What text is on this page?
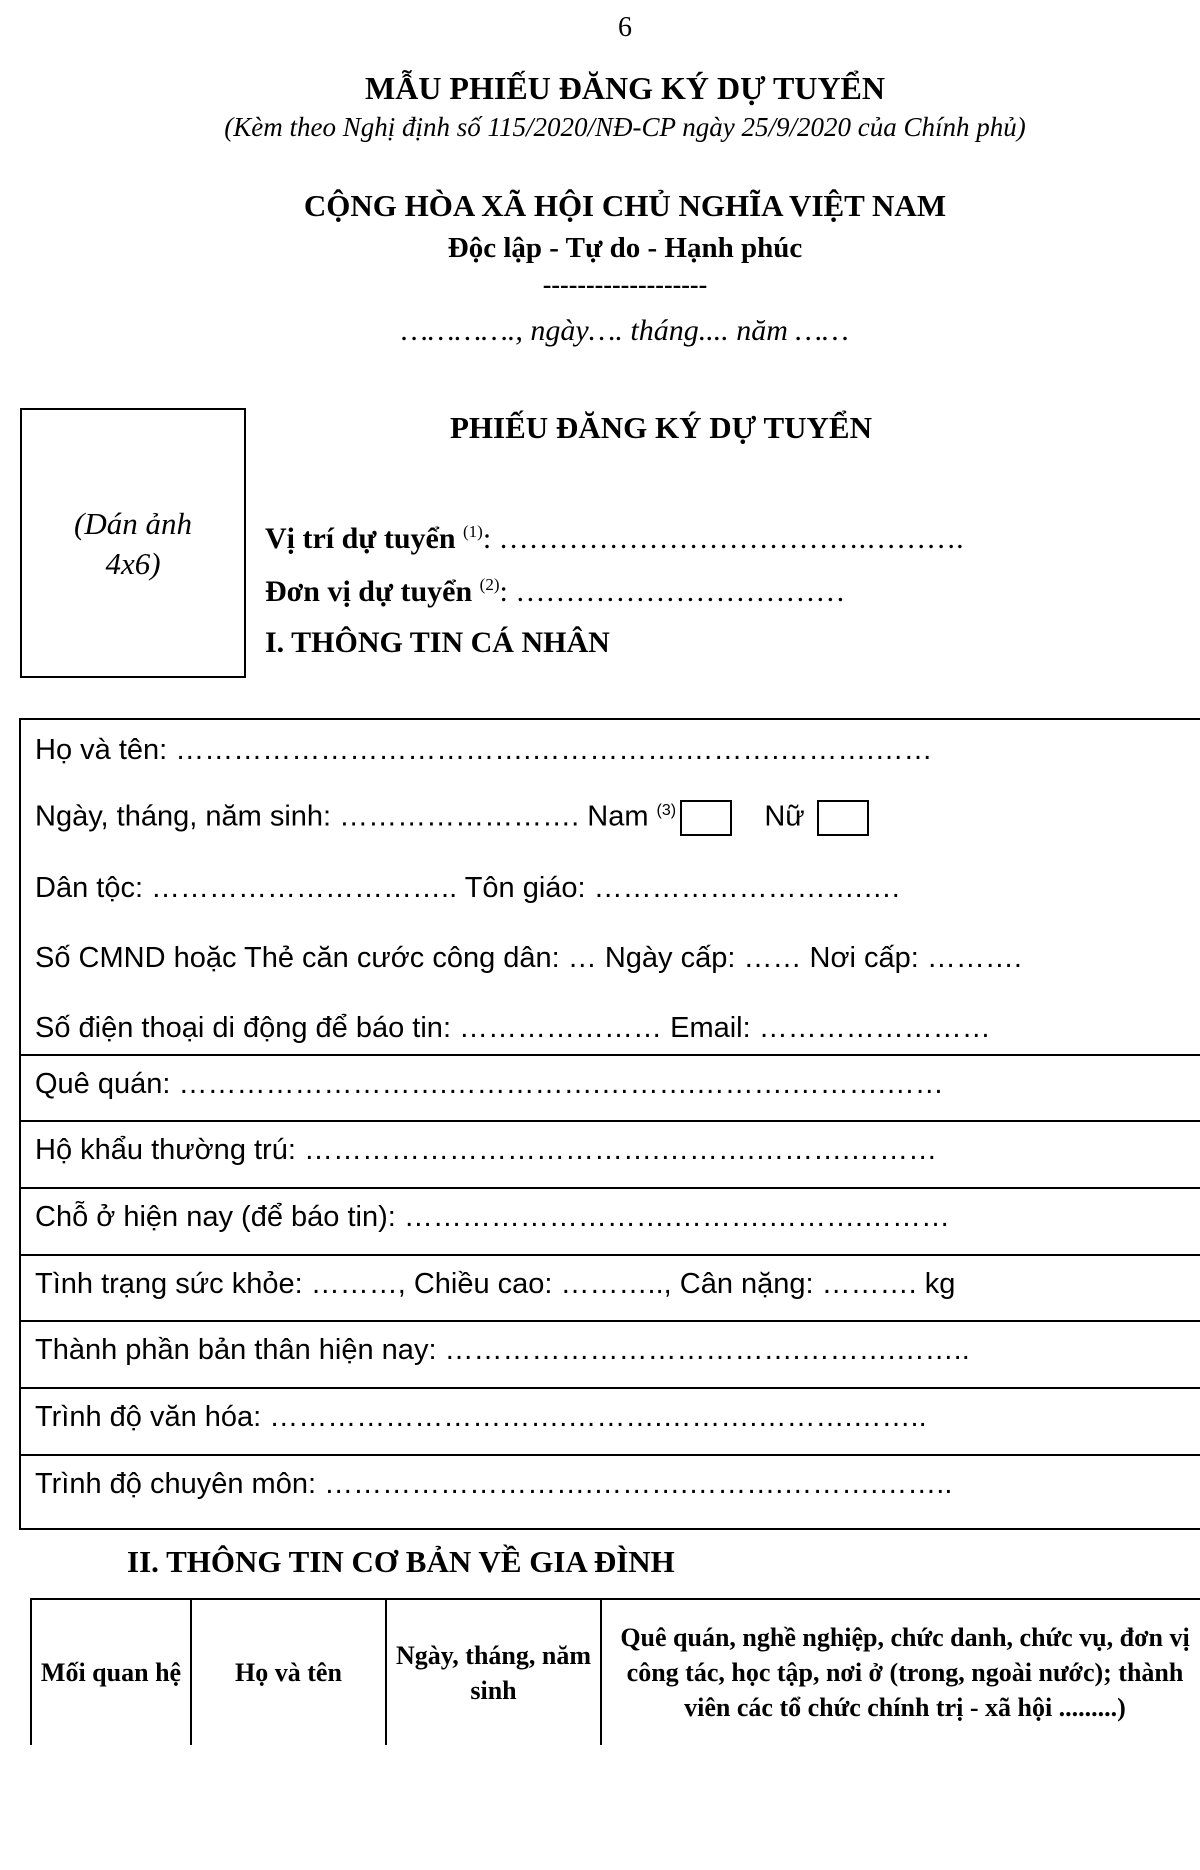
6
MẪU PHIẾU ĐĂNG KÝ DỰ TUYỂN
(Kèm theo Nghị định số 115/2020/NĐ-CP ngày 25/9/2020 của Chính phủ)
CỘNG HÒA XÃ HỘI CHỦ NGHĨA VIỆT NAM
Độc lập - Tự do - Hạnh phúc
-------------------
…………., ngày…. tháng.... năm ……
(Dán ảnh
4x6)
PHIẾU ĐĂNG KÝ DỰ TUYỂN
Vị trí dự tuyển $^{(1)}$: ……………………………….……….
Đơn vị dự tuyển $^{(2)}$: ……………………………
I. THÔNG TIN CÁ NHÂN
Họ và tên: ……………………………….…………….……….……….……
Ngày, tháng, năm sinh: ……………………. Nam $^{(3)}$	Nữ
Dân tộc: ………………………….. Tôn giáo: ……………………….….
Số CMND hoặc Thẻ căn cước công dân: … Ngày cấp: …… Nơi cấp: ……….
Số điện thoại di động để báo tin: ………………… Email: ……………………
Quê quán: ……………………….…………….……….……….……….……
Hộ khẩu thường trú: ……………………………….……….……….………
Chỗ ở hiện nay (để báo tin): ……………………….……….……….………
Tình trạng sức khỏe: ………, Chiều cao: ……….., Cân nặng: ………. kg
Thành phần bản thân hiện nay: ……………………………….……….……..
Trình độ văn hóa: ………………………….……….……….……….……..
Trình độ chuyên môn: ……………………….……….……….……….……..
II. THÔNG TIN CƠ BẢN VỀ GIA ĐÌNH
Mối quan hệ	Họ và tên	Ngày, tháng, năm sinh	Quê quán, nghề nghiệp, chức danh, chức vụ, đơn vị công tác, học tập, nơi ở (trong, ngoài nước); thành viên các tổ chức chính trị - xã hội .........)
